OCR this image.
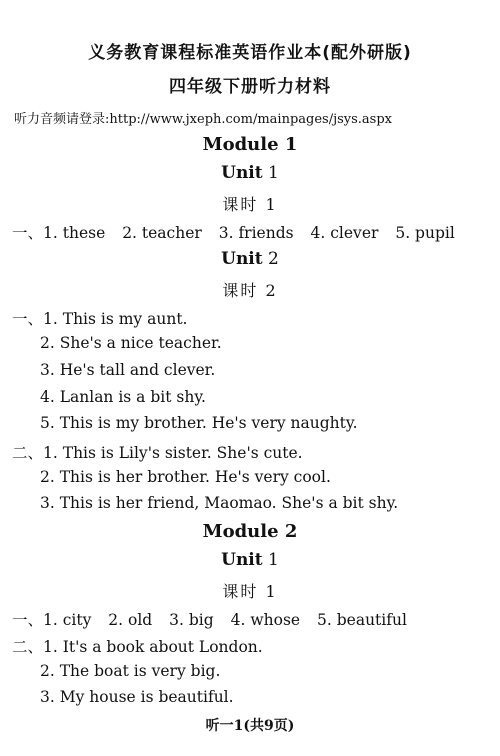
义务教育课程标准英语作业本(配外研版)
四年级下册听力材料
听力音频请登录:http://www.jxeph.com/mainpages/jsys.aspx
Module 1
Unit 1
课时 1
一、1. these 2. teacher 3. friends 4. clever 5. pupil
Unit 2
课时 2
一、1. This is my aunt.
2. She's a nice teacher.
3. He's tall and clever.
4. Lanlan is a bit shy.
5. This is my brother. He's very naughty.
二、1. This is Lily's sister. She's cute.
2. This is her brother. He's very cool.
3. This is her friend, Maomao. She's a bit shy.
Module 2
Unit 1
课时 1
一、1. city 2. old 3. big 4. whose 5. beautiful
二、1. It's a book about London.
2. The boat is very big.
3. My house is beautiful.
听一1(共9页)
